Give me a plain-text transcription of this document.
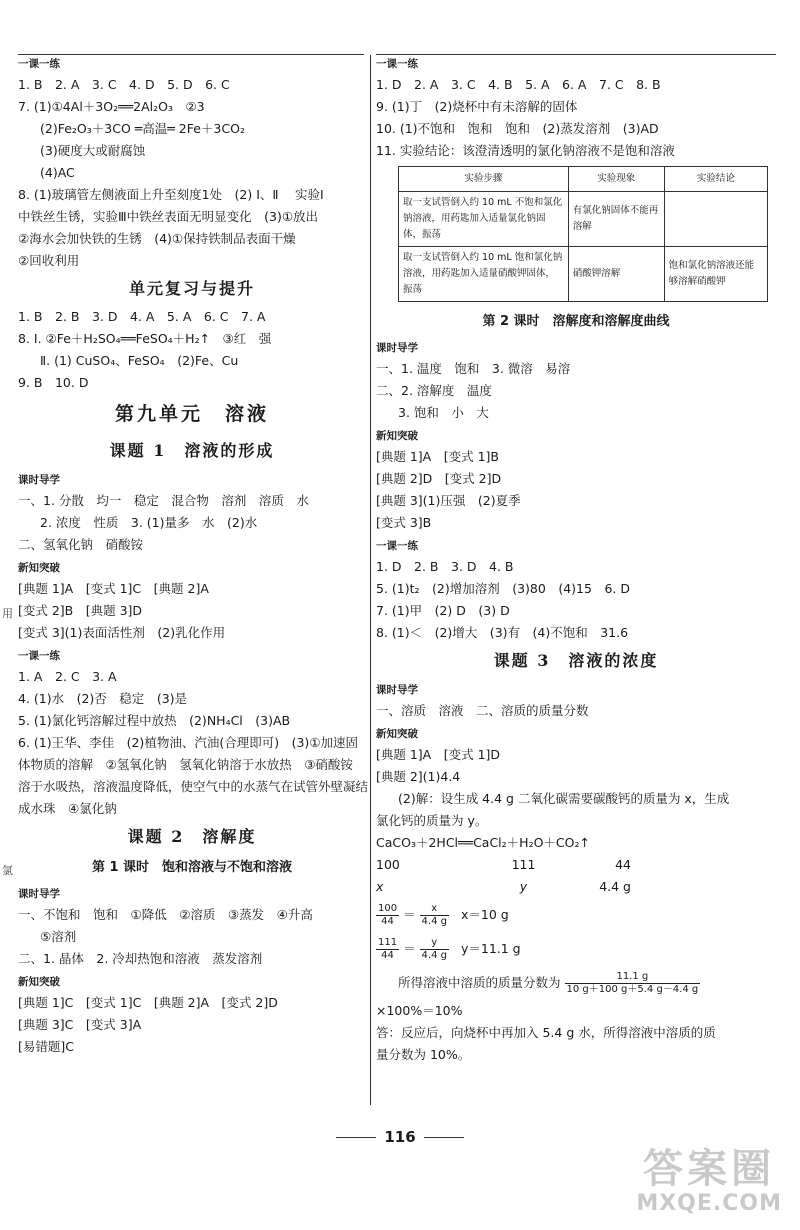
用
氯
一课一练
1. B　2. A　3. C　4. D　5. D　6. C
7. (1)①4Al＋3O₂══2Al₂O₃　②3
(2)Fe₂O₃＋3CO ═高温═ 2Fe＋3CO₂
(3)硬度大或耐腐蚀
(4)AC
8. (1)玻璃管左侧液面上升至刻度1处　(2) Ⅰ、Ⅱ　 实验Ⅰ
中铁丝生锈，实验Ⅲ中铁丝表面无明显变化　(3)①放出
②海水会加快铁的生锈　(4)①保持铁制品表面干燥
②回收利用
单元复习与提升
1. B　2. B　3. D　4. A　5. A　6. C　7. A
8. Ⅰ. ②Fe＋H₂SO₄══FeSO₄＋H₂↑　③红　强
Ⅱ. (1) CuSO₄、FeSO₄　(2)Fe、Cu
9. B　10. D
第九单元　溶液
课题 1　溶液的形成
课时导学
一、1. 分散　均一　稳定　混合物　溶剂　溶质　水
2. 浓度　性质　3. (1)量多　水　(2)水
二、氢氧化钠　硝酸铵
新知突破
[典题 1]A　[变式 1]C　[典题 2]A
[变式 2]B　[典题 3]D
[变式 3](1)表面活性剂　(2)乳化作用
一课一练
1. A　2. C　3. A
4. (1)水　(2)否　稳定　(3)是
5. (1)氯化钙溶解过程中放热　(2)NH₄Cl　(3)AB
6. (1)王华、李佳　(2)植物油、汽油(合理即可)　(3)①加速固
体物质的溶解　②氢氧化钠　氢氧化钠溶于水放热　③硝酸铵
溶于水吸热，溶液温度降低，使空气中的水蒸气在试管外壁凝结
成水珠　④氯化钠
课题 2　溶解度
第 1 课时　饱和溶液与不饱和溶液
课时导学
一、不饱和　饱和　①降低　②溶质　③蒸发　④升高
⑤溶剂
二、1. 晶体　2. 冷却热饱和溶液　蒸发溶剂
新知突破
[典题 1]C　[变式 1]C　[典题 2]A　[变式 2]D
[典题 3]C　[变式 3]A
[易错题]C
一课一练
1. D　2. A　3. C　4. B　5. A　6. A　7. C　8. B
9. (1)丁　(2)烧杯中有未溶解的固体
10. (1)不饱和　饱和　饱和　(2)蒸发溶剂　(3)AD
11. 实验结论：该澄清透明的氯化钠溶液不是饱和溶液
实验步骤	实验现象	实验结论
取一支试管倒入约 10 mL 不饱和氯化钠溶液，用药匙加入适量氯化钠固体，振荡	有氯化钠固体不能再溶解	
取一支试管倒入约 10 mL 饱和氯化钠溶液，用药匙加入适量硝酸钾固体，振荡	硝酸钾溶解	饱和氯化钠溶液还能够溶解硝酸钾
第 2 课时　溶解度和溶解度曲线
课时导学
一、1. 温度　饱和　3. 微溶　易溶
二、2. 溶解度　温度
3. 饱和　小　大
新知突破
[典题 1]A　[变式 1]B
[典题 2]D　[变式 2]D
[典题 3](1)压强　(2)夏季
[变式 3]B
一课一练
1. D　2. B　3. D　4. B
5. (1)t₂　(2)增加溶剂　(3)80　(4)15　6. D
7. (1)甲　(2) D　(3) D
8. (1)＜　(2)增大　(3)有　(4)不饱和　31.6
课题 3　溶液的浓度
课时导学
一、溶质　溶液　二、溶质的质量分数
新知突破
[典题 1]A　[变式 1]D
[典题 2](1)4.4
(2)解：设生成 4.4 g 二氧化碳需要碳酸钙的质量为 x，生成
氯化钙的质量为 y。
CaCO₃＋2HCl══CaCl₂＋H₂O＋CO₂↑
100	111	44
x	y	4.4 g
$\frac{100}{44} = \frac{x}{4.4 g} x=10$ g
$\frac{111}{44} = \frac{y}{4.4 g} y=11.1$ g
所得溶液中溶质的质量分数为 $\frac{11.1 g}{10 g+100 g+5.4 g-4.4 g}$
×100%＝10%
答：反应后，向烧杯中再加入 5.4 g 水，所得溶液中溶质的质
量分数为 10%。
116
答案圈
MXQE.COM
